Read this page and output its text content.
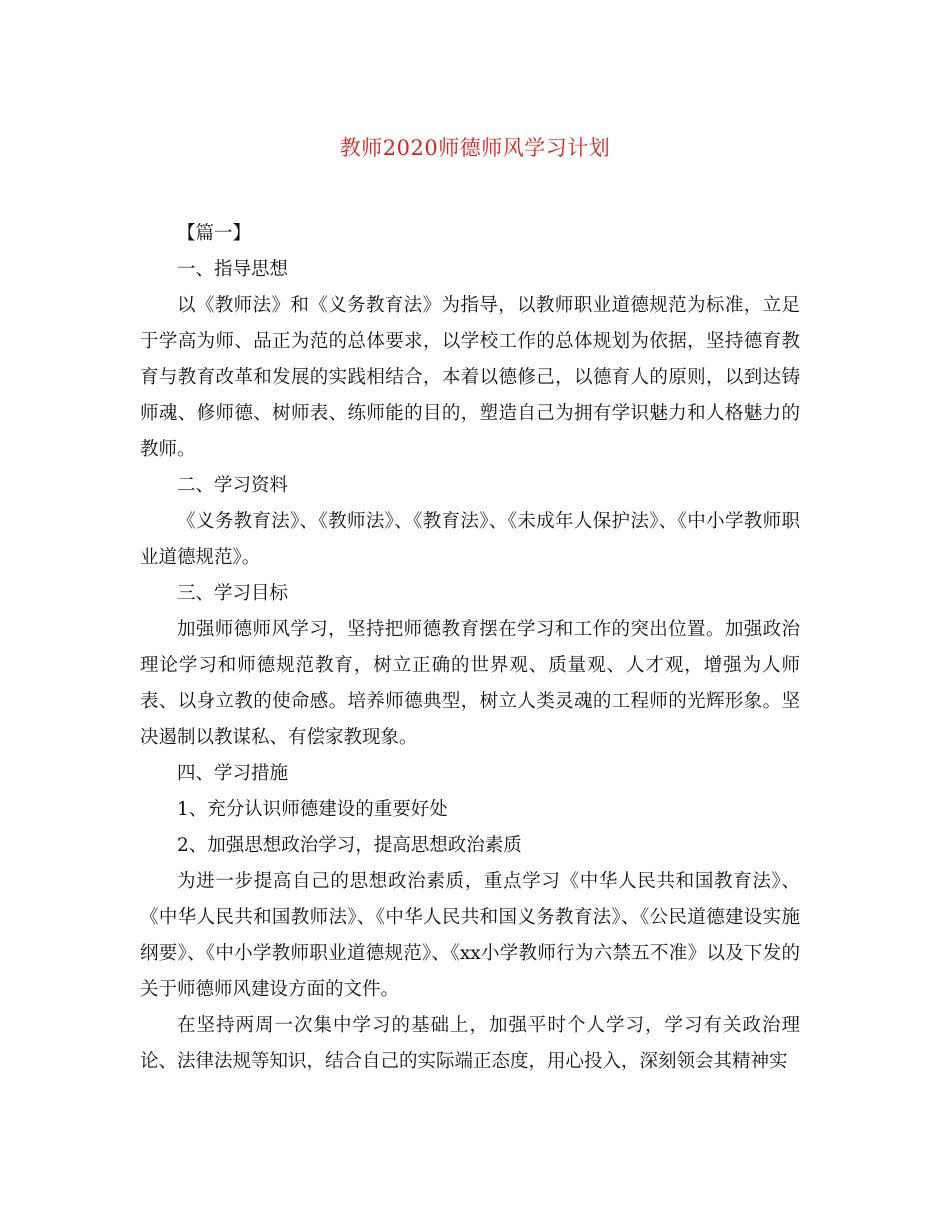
教师2020师德师风学习计划

【篇一】

一、指导思想

以《教师法》和《义务教育法》为指导，以教师职业道德规范为标准，立足于学高为师、品正为范的总体要求，以学校工作的总体规划为依据，坚持德育教育与教育改革和发展的实践相结合，本着以德修己，以德育人的原则，以到达铸师魂、修师德、树师表、练师能的目的，塑造自己为拥有学识魅力和人格魅力的教师。

二、学习资料

《义务教育法》、《教师法》、《教育法》、《未成年人保护法》、《中小学教师职业道德规范》。

三、学习目标

加强师德师风学习，坚持把师德教育摆在学习和工作的突出位置。加强政治理论学习和师德规范教育，树立正确的世界观、质量观、人才观，增强为人师表、以身立教的使命感。培养师德典型，树立人类灵魂的工程师的光辉形象。坚决遏制以教谋私、有偿家教现象。

四、学习措施

1、充分认识师德建设的重要好处

2、加强思想政治学习，提高思想政治素质

为进一步提高自己的思想政治素质，重点学习《中华人民共和国教育法》、《中华人民共和国教师法》、《中华人民共和国义务教育法》、《公民道德建设实施纲要》、《中小学教师职业道德规范》、《xx小学教师行为六禁五不准》以及下发的关于师德师风建设方面的文件。

在坚持两周一次集中学习的基础上，加强平时个人学习，学习有关政治理论、法律法规等知识，结合自己的实际端正态度，用心投入，深刻领会其精神实
